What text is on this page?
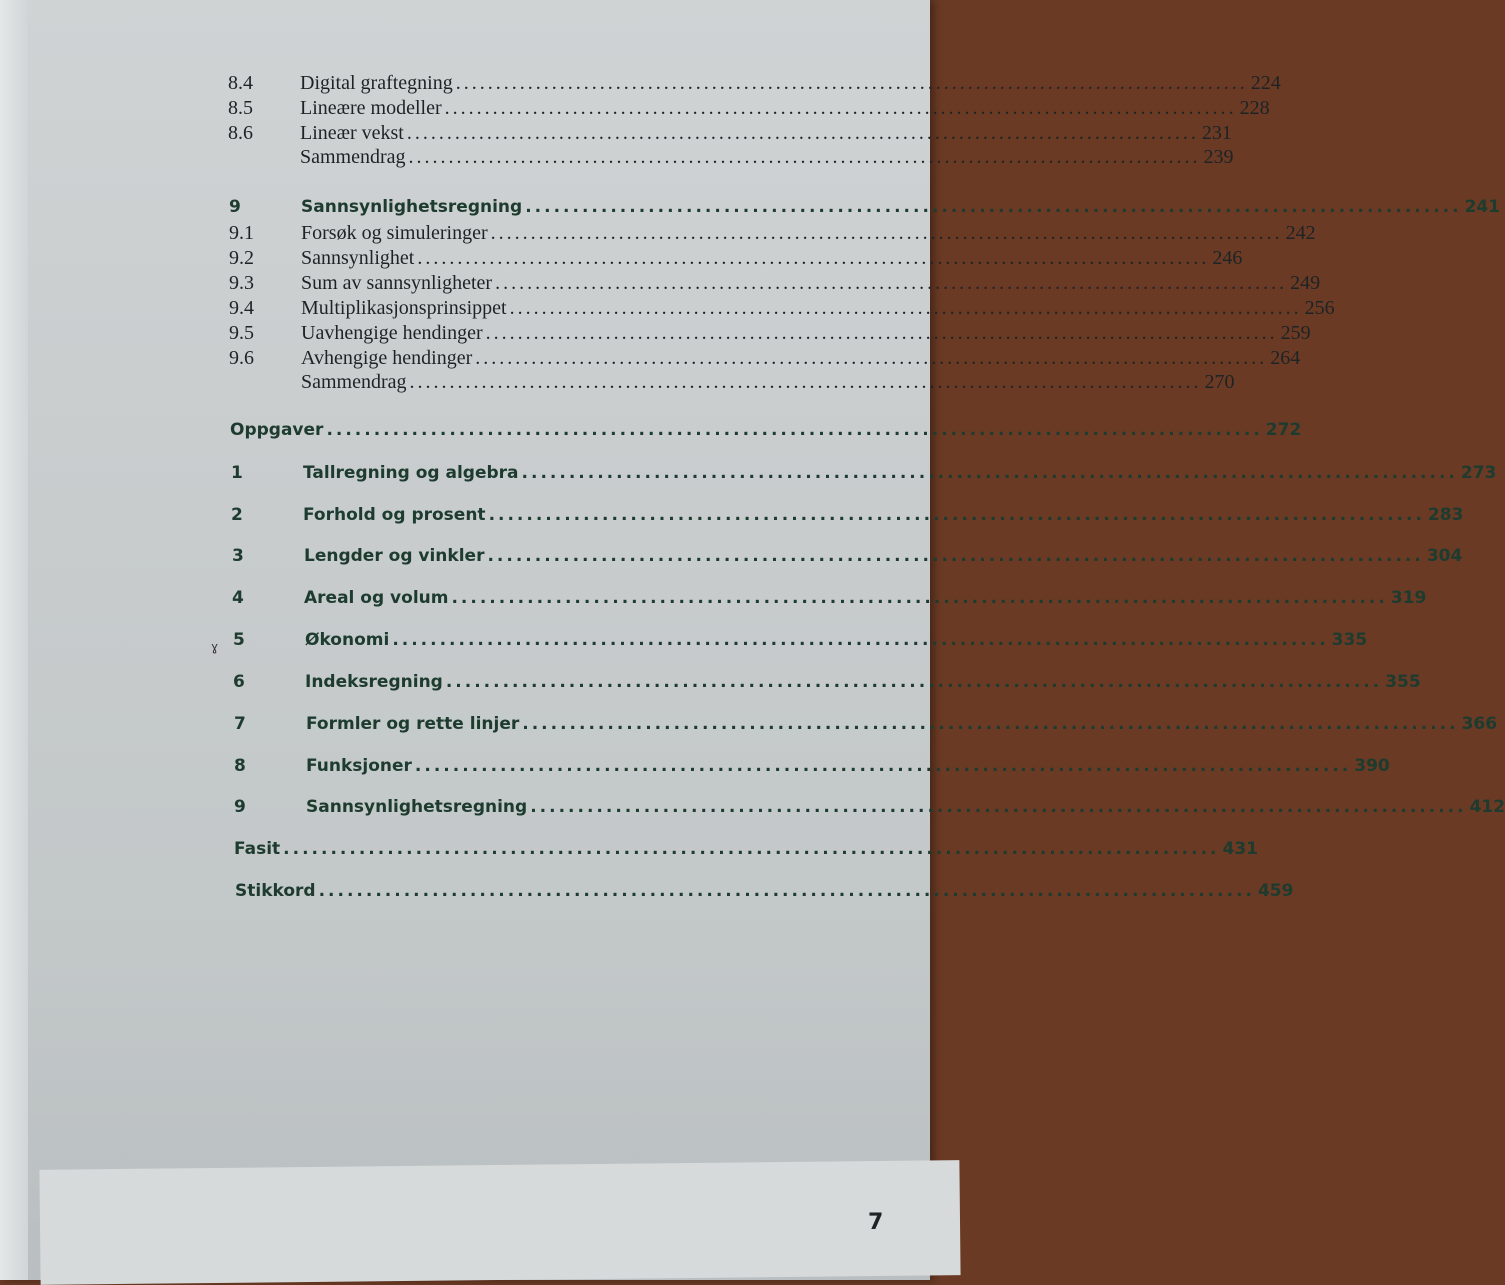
8.4	Digital graftegning ................................................................................................... 224
8.5	Lineære modeller ................................................................................................... 228
8.6	Lineær vekst ................................................................................................... 231
Sammendrag ................................................................................................... 239
9	Sannsynlighetsregning ................................................................................................... 241
9.1	Forsøk og simuleringer ................................................................................................... 242
9.2	Sannsynlighet ................................................................................................... 246
9.3	Sum av sannsynligheter ................................................................................................... 249
9.4	Multiplikasjonsprinsippet ................................................................................................... 256
9.5	Uavhengige hendinger ................................................................................................... 259
9.6	Avhengige hendinger ................................................................................................... 264
Sammendrag ................................................................................................... 270
Oppgaver ................................................................................................... 272
1	Tallregning og algebra ................................................................................................... 273
2	Forhold og prosent ................................................................................................... 283
3	Lengder og vinkler ................................................................................................... 304
4	Areal og volum ................................................................................................... 319
5	Økonomi ................................................................................................... 335
6	Indeksregning ................................................................................................... 355
7	Formler og rette linjer ................................................................................................... 366
8	Funksjoner ................................................................................................... 390
9	Sannsynlighetsregning ................................................................................................... 412
Fasit ................................................................................................... 431
Stikkord ................................................................................................... 459
ɣ
7
